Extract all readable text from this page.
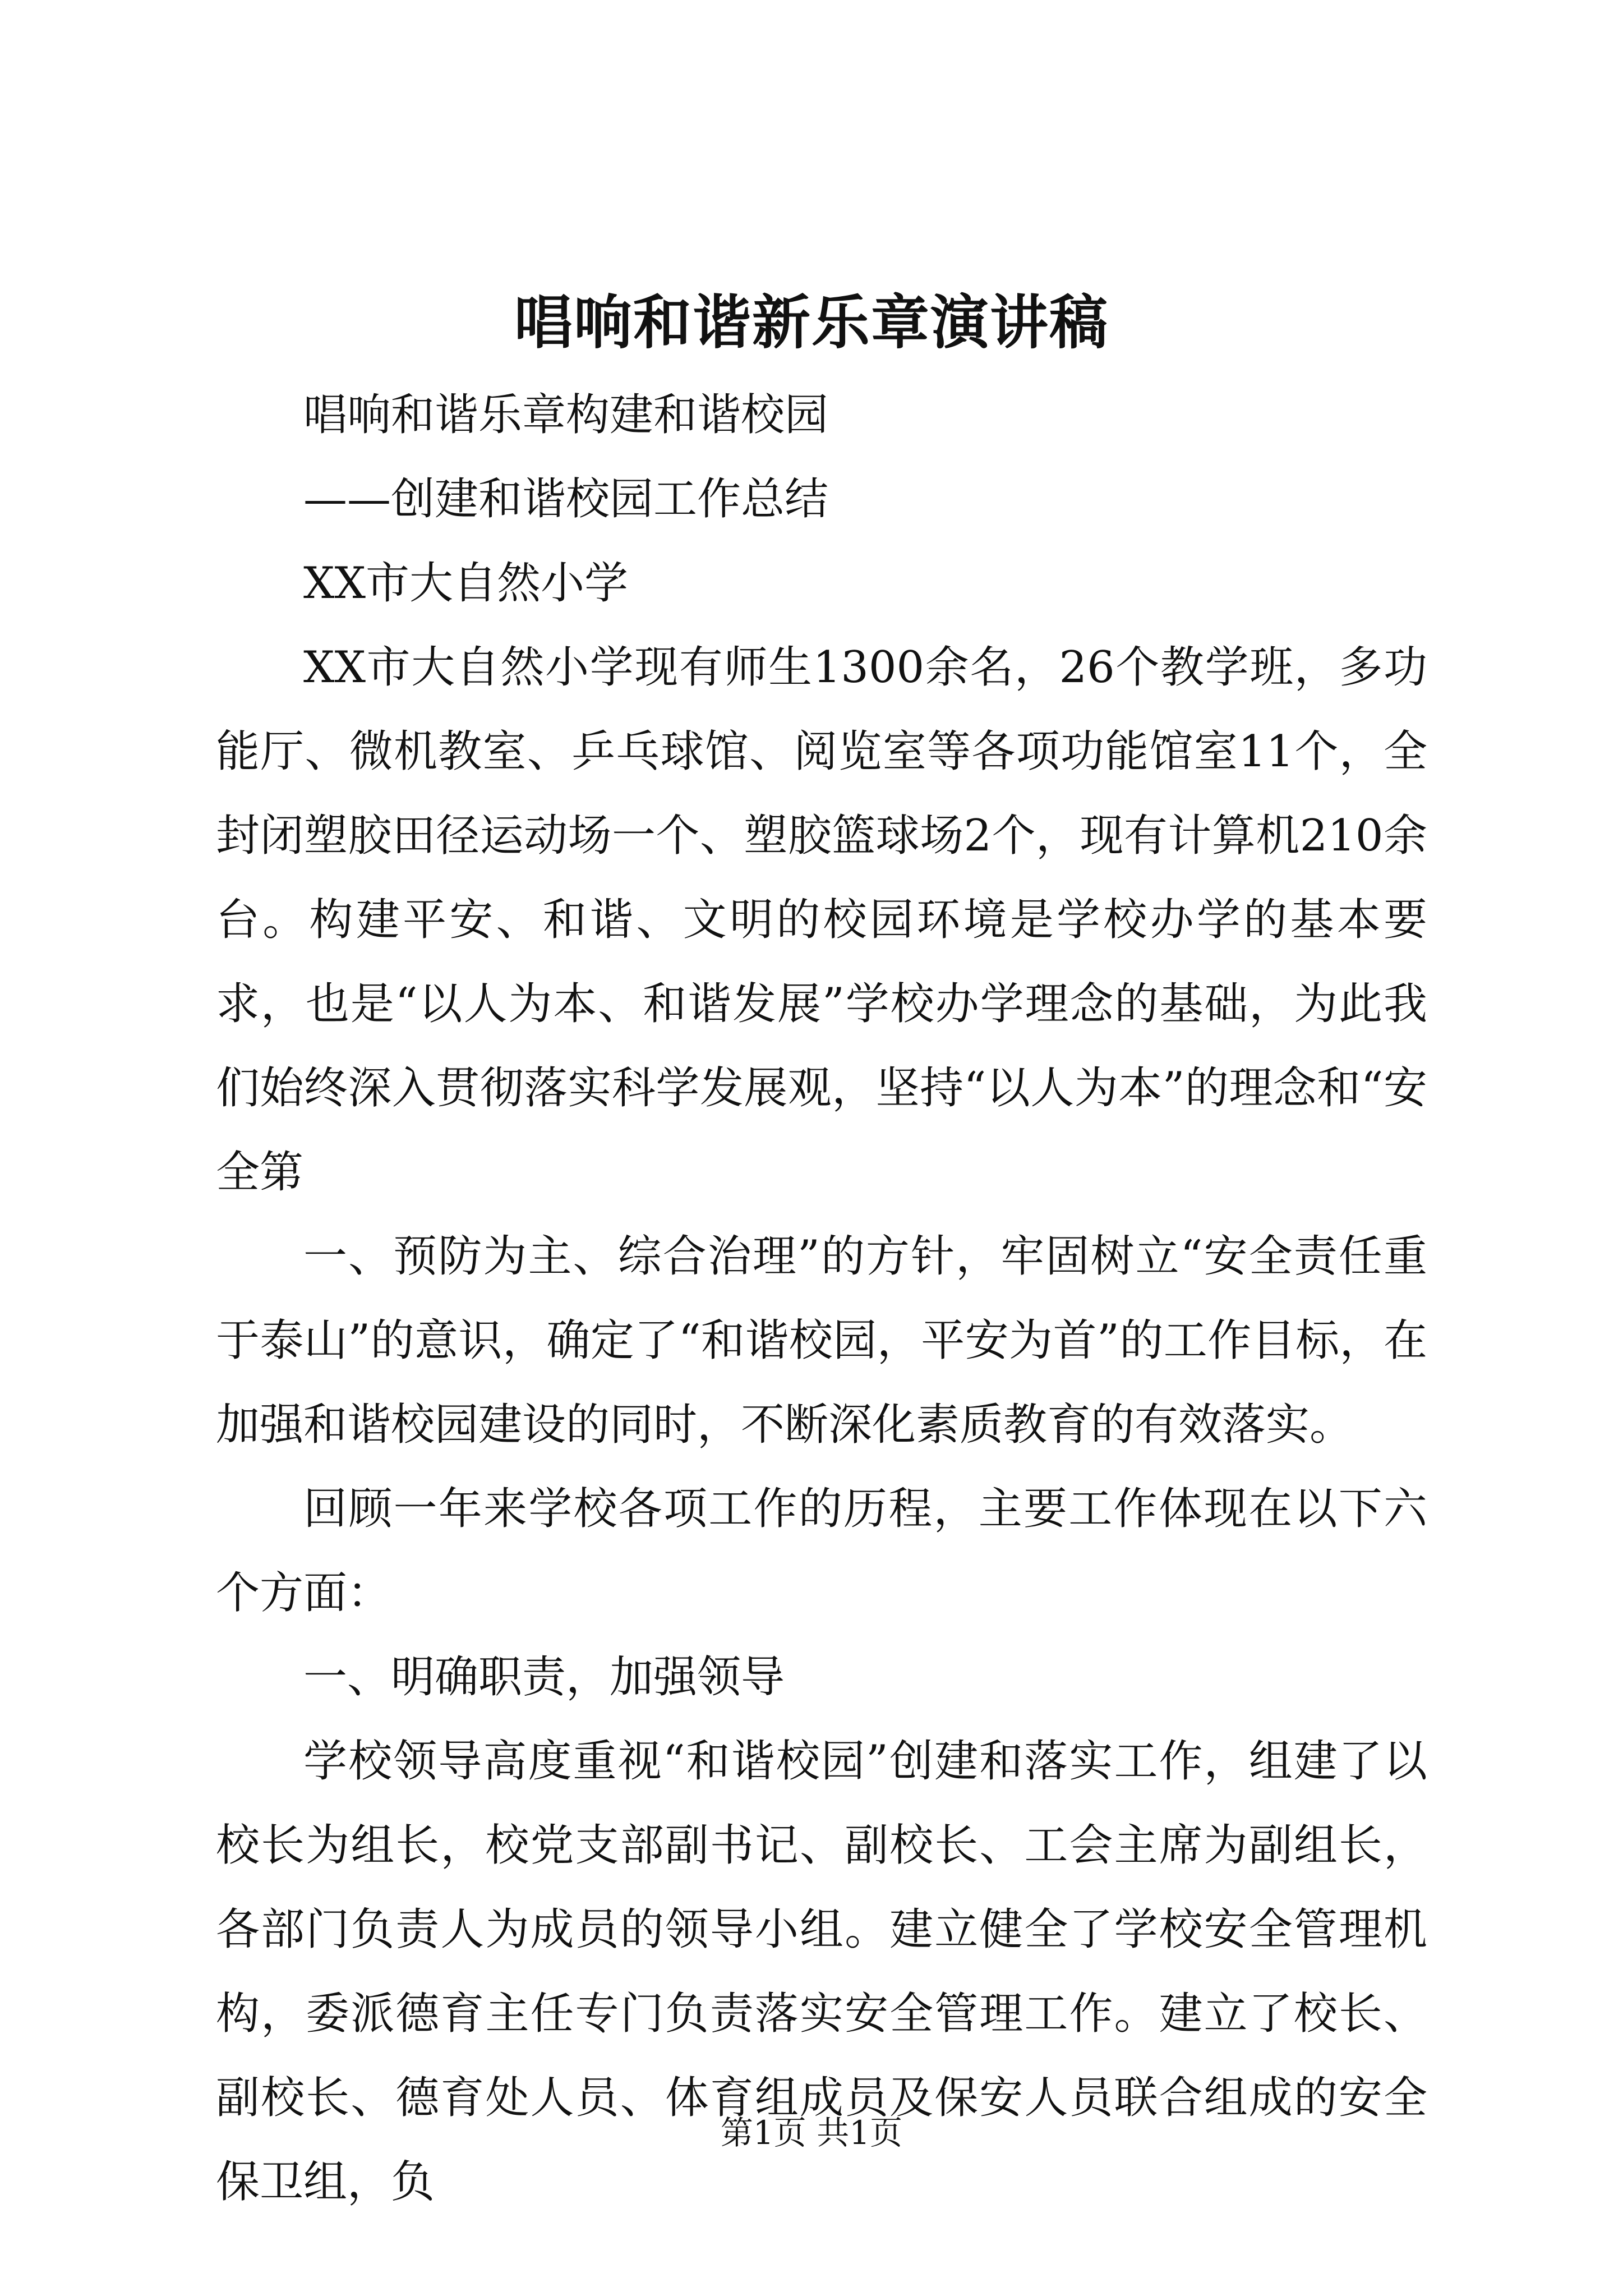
唱响和谐新乐章演讲稿

唱响和谐乐章构建和谐校园

——创建和谐校园工作总结

XX市大自然小学

XX市大自然小学现有师生1300余名，26个教学班，多功能厅、微机教室、乒乓球馆、阅览室等各项功能馆室11个，全封闭塑胶田径运动场一个、塑胶篮球场2个，现有计算机210余台。构建平安、和谐、文明的校园环境是学校办学的基本要求，也是“以人为本、和谐发展”学校办学理念的基础，为此我们始终深入贯彻落实科学发展观，坚持“以人为本”的理念和“安全第

一、预防为主、综合治理”的方针，牢固树立“安全责任重于泰山”的意识，确定了“和谐校园，平安为首”的工作目标，在加强和谐校园建设的同时，不断深化素质教育的有效落实。

回顾一年来学校各项工作的历程，主要工作体现在以下六个方面：

一、明确职责，加强领导

学校领导高度重视“和谐校园”创建和落实工作，组建了以校长为组长，校党支部副书记、副校长、工会主席为副组长，各部门负责人为成员的领导小组。建立健全了学校安全管理机构，委派德育主任专门负责落实安全管理工作。建立了校长、副校长、德育处人员、体育组成员及保安人员联合组成的安全保卫组，负

第1页 共1页
